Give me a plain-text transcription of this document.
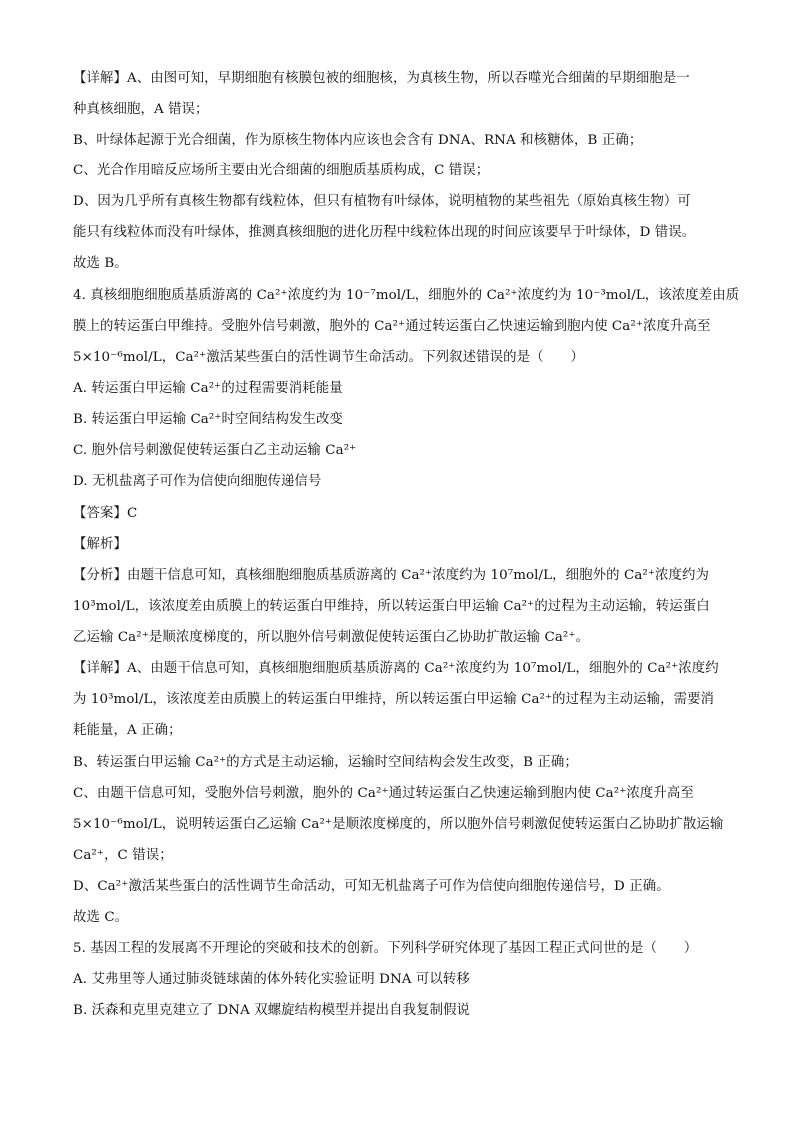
【详解】A、由图可知，早期细胞有核膜包被的细胞核，为真核生物，所以吞噬光合细菌的早期细胞是一
种真核细胞，A 错误；
B、叶绿体起源于光合细菌，作为原核生物体内应该也会含有 DNA、RNA 和核糖体，B 正确；
C、光合作用暗反应场所主要由光合细菌的细胞质基质构成，C 错误；
D、因为几乎所有真核生物都有线粒体，但只有植物有叶绿体，说明植物的某些祖先（原始真核生物）可
能只有线粒体而没有叶绿体，推测真核细胞的进化历程中线粒体出现的时间应该要早于叶绿体，D 错误。
故选 B。
4. 真核细胞细胞质基质游离的 Ca²⁺浓度约为 10⁻⁷mol/L，细胞外的 Ca²⁺浓度约为 10⁻³mol/L，该浓度差由质
膜上的转运蛋白甲维持。受胞外信号刺激，胞外的 Ca²⁺通过转运蛋白乙快速运输到胞内使 Ca²⁺浓度升高至
5×10⁻⁶mol/L，Ca²⁺激活某些蛋白的活性调节生命活动。下列叙述错误的是（　　）
A. 转运蛋白甲运输 Ca²⁺的过程需要消耗能量
B. 转运蛋白甲运输 Ca²⁺时空间结构发生改变
C. 胞外信号刺激促使转运蛋白乙主动运输 Ca²⁺
D. 无机盐离子可作为信使向细胞传递信号
【答案】C
【解析】
【分析】由题干信息可知，真核细胞细胞质基质游离的 Ca²⁺浓度约为 10⁷mol/L，细胞外的 Ca²⁺浓度约为
10³mol/L，该浓度差由质膜上的转运蛋白甲维持，所以转运蛋白甲运输 Ca²⁺的过程为主动运输，转运蛋白
乙运输 Ca²⁺是顺浓度梯度的，所以胞外信号刺激促使转运蛋白乙协助扩散运输 Ca²⁺。
【详解】A、由题干信息可知，真核细胞细胞质基质游离的 Ca²⁺浓度约为 10⁷mol/L，细胞外的 Ca²⁺浓度约
为 10³mol/L，该浓度差由质膜上的转运蛋白甲维持，所以转运蛋白甲运输 Ca²⁺的过程为主动运输，需要消
耗能量，A 正确；
B、转运蛋白甲运输 Ca²⁺的方式是主动运输，运输时空间结构会发生改变，B 正确；
C、由题干信息可知，受胞外信号刺激，胞外的 Ca²⁺通过转运蛋白乙快速运输到胞内使 Ca²⁺浓度升高至
5×10⁻⁶mol/L，说明转运蛋白乙运输 Ca²⁺是顺浓度梯度的，所以胞外信号刺激促使转运蛋白乙协助扩散运输
Ca²⁺，C 错误；
D、Ca²⁺激活某些蛋白的活性调节生命活动，可知无机盐离子可作为信使向细胞传递信号，D 正确。
故选 C。
5. 基因工程的发展离不开理论的突破和技术的创新。下列科学研究体现了基因工程正式问世的是（　　）
A. 艾弗里等人通过肺炎链球菌的体外转化实验证明 DNA 可以转移
B. 沃森和克里克建立了 DNA 双螺旋结构模型并提出自我复制假说
